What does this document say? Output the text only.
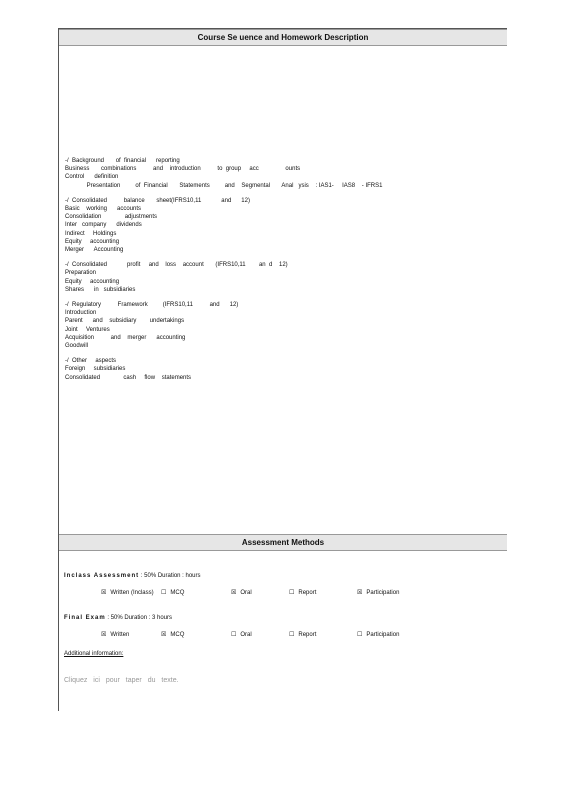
Course Se uence and Homework Description
-/  Background       of  financial      reporting
Business       combinations          and    introduction          to  group     acc                ounts
Control      definition
Presentation         of  Financial       Statements         and    Segmental       Anal   ysis    : IAS1-     IAS8    - IFRS1
-/  Consolidated          balance       sheet(IFRS10,11            and      12)
Basic    working      accounts
Consolidation              adjustments
Inter   company      dividends
Indirect     Holdings
Equity     accounting
Merger      Accounting
-/  Consolidated            profit     and    loss    account       (IFRS10,11        an  d    12)
Preparation
Equity     accounting
Shares      in   subsidiaries
-/  Regulatory          Framework         (IFRS10,11          and      12)
Introduction
Parent      and    subsidiary        undertakings
Joint     Ventures
Acquisition          and    merger      accounting
Goodwill
-/  Other     aspects
Foreign     subsidiaries
Consolidated              cash     flow    statements
Assessment Methods
Inclass Assessment : 50% Duration : hours
☒ Written (Inclass) ☐ MCQ	☒ Oral	☐ Report	☒ Participation
Final Exam : 50% Duration : 3 hours
☒ Written	☒ MCQ	☐ Oral	☐ Report	☐ Participation
Additional information:
Cliquez ici pour taper du texte.
